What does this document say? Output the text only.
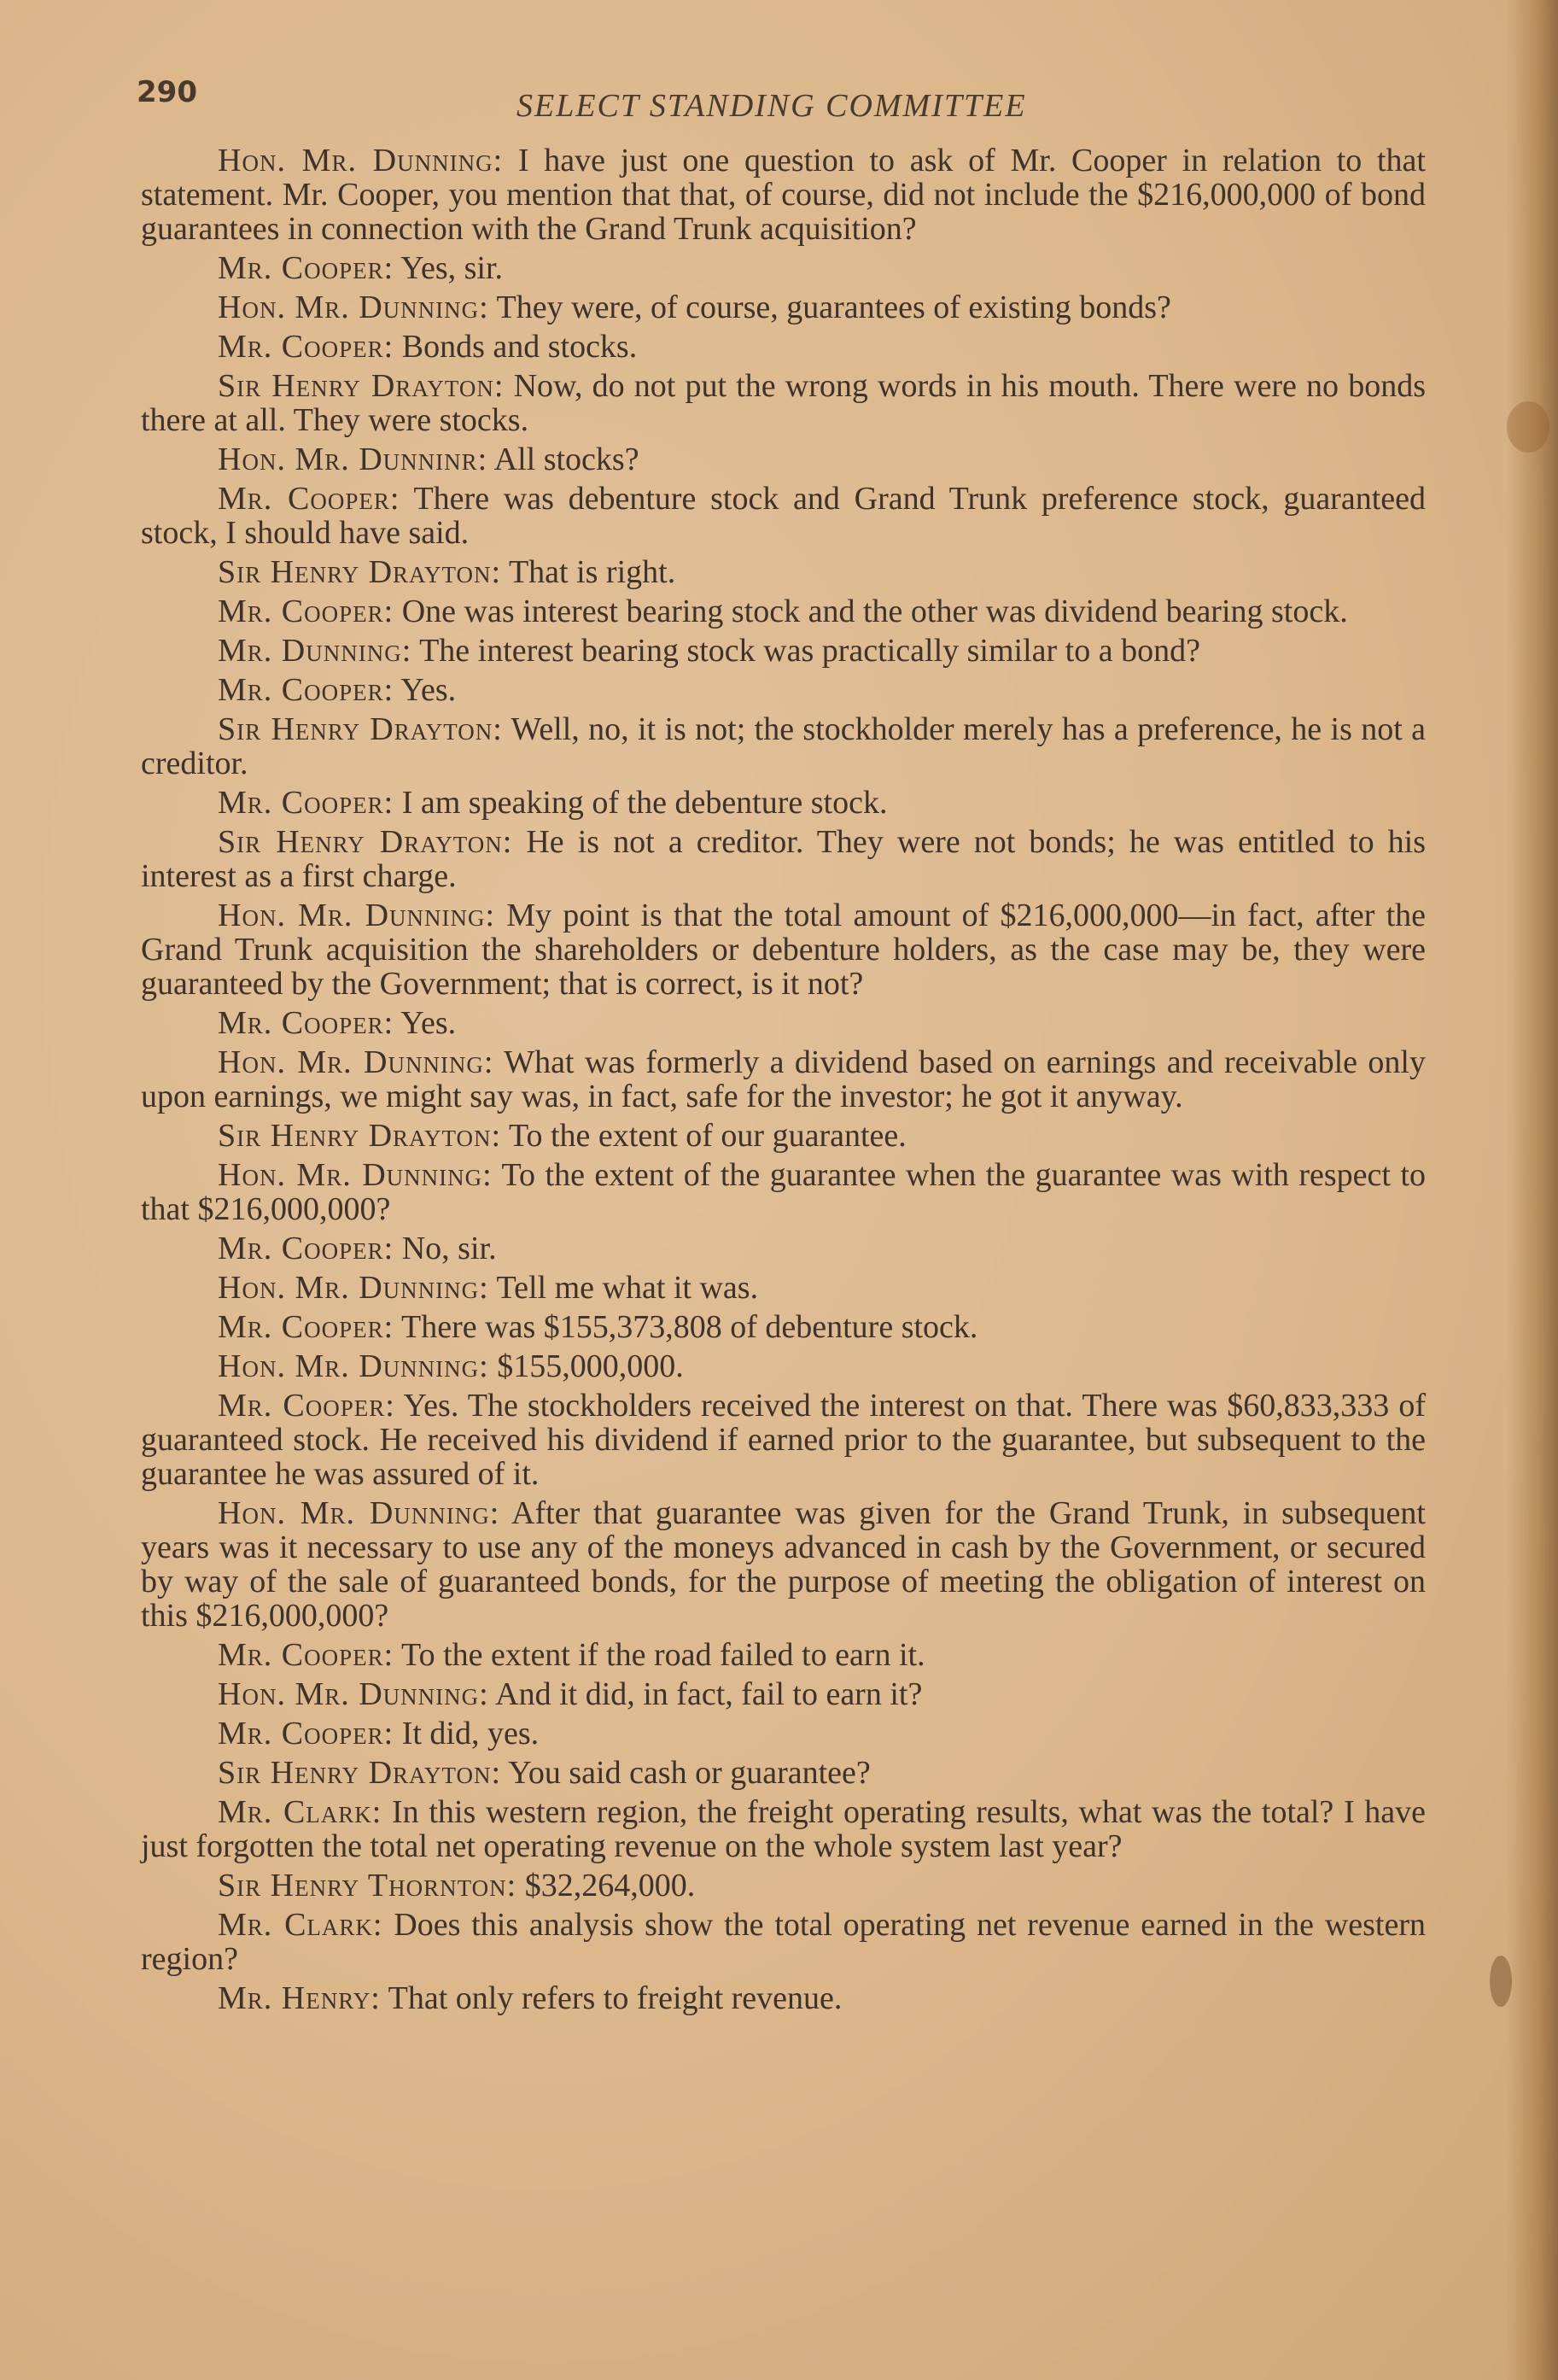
290	SELECT STANDING COMMITTEE

Hon. Mr. Dunning: I have just one question to ask of Mr. Cooper in relation to that statement. Mr. Cooper, you mention that that, of course, did not include the $216,000,000 of bond guarantees in connection with the Grand Trunk acquisition?

Mr. Cooper: Yes, sir.

Hon. Mr. Dunning: They were, of course, guarantees of existing bonds?

Mr. Cooper: Bonds and stocks.

Sir Henry Drayton: Now, do not put the wrong words in his mouth. There were no bonds there at all. They were stocks.

Hon. Mr. Dunninr: All stocks?

Mr. Cooper: There was debenture stock and Grand Trunk preference stock, guaranteed stock, I should have said.

Sir Henry Drayton: That is right.

Mr. Cooper: One was interest bearing stock and the other was dividend bearing stock.

Mr. Dunning: The interest bearing stock was practically similar to a bond?

Mr. Cooper: Yes.

Sir Henry Drayton: Well, no, it is not; the stockholder merely has a preference, he is not a creditor.

Mr. Cooper: I am speaking of the debenture stock.

Sir Henry Drayton: He is not a creditor. They were not bonds; he was entitled to his interest as a first charge.

Hon. Mr. Dunning: My point is that the total amount of $216,000,000—in fact, after the Grand Trunk acquisition the shareholders or debenture holders, as the case may be, they were guaranteed by the Government; that is correct, is it not?

Mr. Cooper: Yes.

Hon. Mr. Dunning: What was formerly a dividend based on earnings and receivable only upon earnings, we might say was, in fact, safe for the investor; he got it anyway.

Sir Henry Drayton: To the extent of our guarantee.

Hon. Mr. Dunning: To the extent of the guarantee when the guarantee was with respect to that $216,000,000?

Mr. Cooper: No, sir.

Hon. Mr. Dunning: Tell me what it was.

Mr. Cooper: There was $155,373,808 of debenture stock.

Hon. Mr. Dunning: $155,000,000.

Mr. Cooper: Yes. The stockholders received the interest on that. There was $60,833,333 of guaranteed stock. He received his dividend if earned prior to the guarantee, but subsequent to the guarantee he was assured of it.

Hon. Mr. Dunning: After that guarantee was given for the Grand Trunk, in subsequent years was it necessary to use any of the moneys advanced in cash by the Government, or secured by way of the sale of guaranteed bonds, for the purpose of meeting the obligation of interest on this $216,000,000?

Mr. Cooper: To the extent if the road failed to earn it.

Hon. Mr. Dunning: And it did, in fact, fail to earn it?

Mr. Cooper: It did, yes.

Sir Henry Drayton: You said cash or guarantee?

Mr. Clark: In this western region, the freight operating results, what was the total? I have just forgotten the total net operating revenue on the whole system last year?

Sir Henry Thornton: $32,264,000.

Mr. Clark: Does this analysis show the total operating net revenue earned in the western region?

Mr. Henry: That only refers to freight revenue.
